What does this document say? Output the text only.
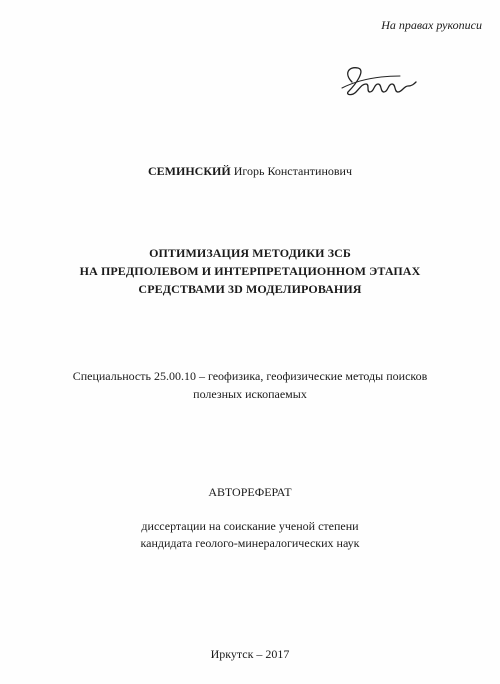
На правах рукописи
СЕМИНСКИЙ Игорь Константинович
ОПТИМИЗАЦИЯ МЕТОДИКИ ЗСБ
НА ПРЕДПОЛЕВОМ И ИНТЕРПРЕТАЦИОННОМ ЭТАПАХ
СРЕДСТВАМИ 3D МОДЕЛИРОВАНИЯ
Специальность 25.00.10 – геофизика, геофизические методы поисков
полезных ископаемых
АВТОРЕФЕРАТ
диссертации на соискание ученой степени
кандидата геолого-минералогических наук
Иркутск – 2017
